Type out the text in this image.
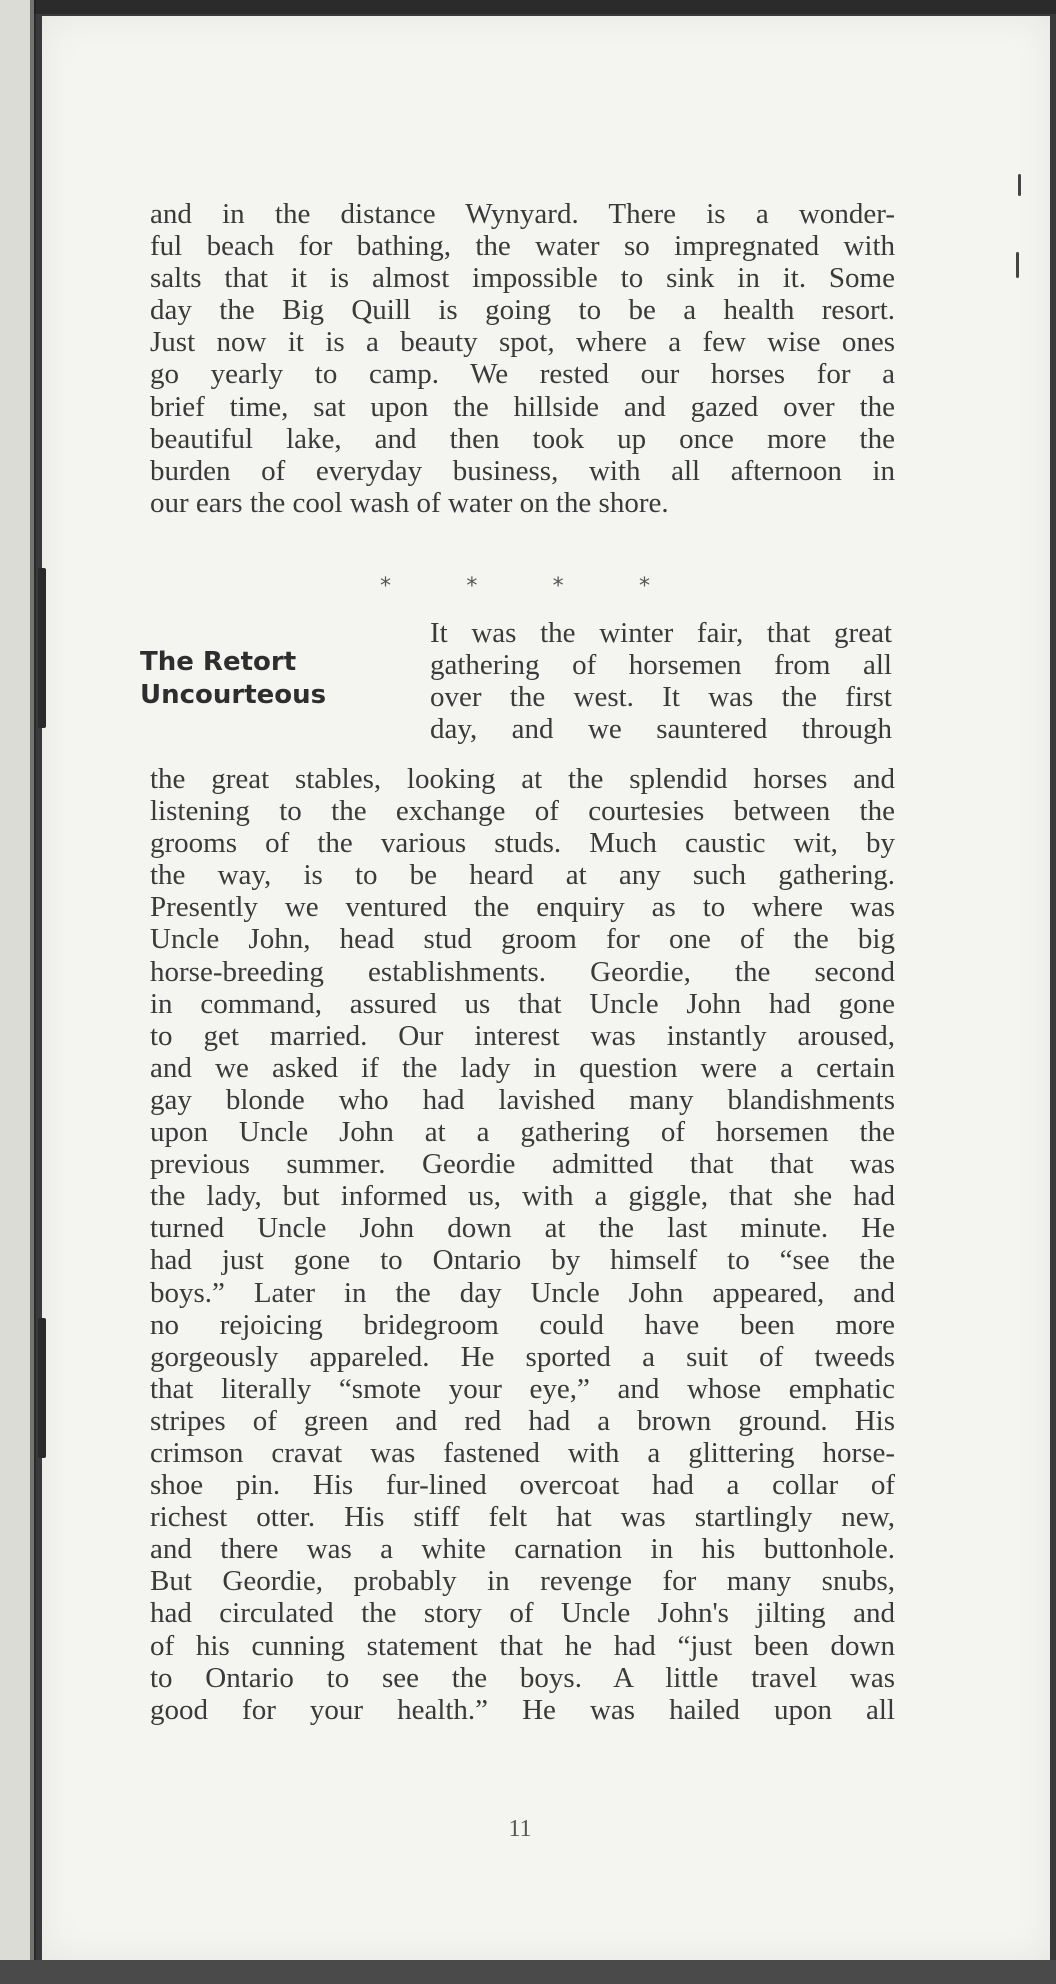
and in the distance Wynyard. There is a wonder-
ful beach for bathing, the water so impregnated with
salts that it is almost impossible to sink in it. Some
day the Big Quill is going to be a health resort.
Just now it is a beauty spot, where a few wise ones
go yearly to camp. We rested our horses for a
brief time, sat upon the hillside and gazed over the
beautiful lake, and then took up once more the
burden of everyday business, with all afternoon in
our ears the cool wash of water on the shore.
*	*	*	*
The Retort
Uncourteous
It was the winter fair, that great
gathering of horsemen from all
over the west. It was the first
day, and we sauntered through
the great stables, looking at the splendid horses and
listening to the exchange of courtesies between the
grooms of the various studs. Much caustic wit, by
the way, is to be heard at any such gathering.
Presently we ventured the enquiry as to where was
Uncle John, head stud groom for one of the big
horse-breeding establishments. Geordie, the second
in command, assured us that Uncle John had gone
to get married. Our interest was instantly aroused,
and we asked if the lady in question were a certain
gay blonde who had lavished many blandishments
upon Uncle John at a gathering of horsemen the
previous summer. Geordie admitted that that was
the lady, but informed us, with a giggle, that she had
turned Uncle John down at the last minute. He
had just gone to Ontario by himself to “see the
boys.” Later in the day Uncle John appeared, and
no rejoicing bridegroom could have been more
gorgeously appareled. He sported a suit of tweeds
that literally “smote your eye,” and whose emphatic
stripes of green and red had a brown ground. His
crimson cravat was fastened with a glittering horse-
shoe pin. His fur-lined overcoat had a collar of
richest otter. His stiff felt hat was startlingly new,
and there was a white carnation in his buttonhole.
But Geordie, probably in revenge for many snubs,
had circulated the story of Uncle John's jilting and
of his cunning statement that he had “just been down
to Ontario to see the boys. A little travel was
good for your health.” He was hailed upon all
11
